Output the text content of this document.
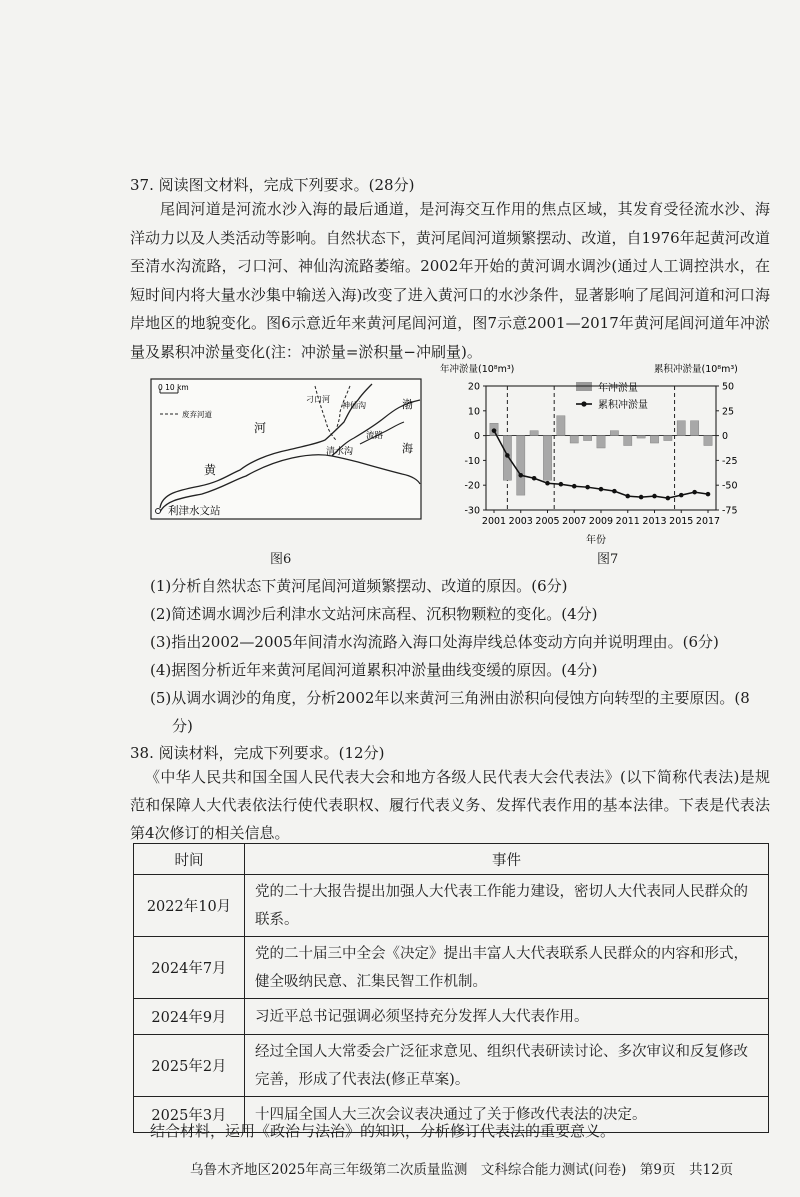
37. 阅读图文材料，完成下列要求。(28分)
尾闾河道是河流水沙入海的最后通道，是河海交互作用的焦点区域，其发育受径流水沙、海洋动力以及人类活动等影响。自然状态下，黄河尾闾河道频繁摆动、改道，自1976年起黄河改道至清水沟流路，刁口河、神仙沟流路萎缩。2002年开始的黄河调水调沙(通过人工调控洪水，在短时间内将大量水沙集中输送入海)改变了进入黄河口的水沙条件，显著影响了尾闾河道和河口海岸地区的地貌变化。图6示意近年来黄河尾闾河道，图7示意2001—2017年黄河尾闾河道年冲淤量及累积冲淤量变化(注：冲淤量=淤积量−冲刷量)。
0 10 km
废弃河道
河
黄
利津水文站
渤
海
刁口河
神仙沟
清水沟
流路
图6
年冲淤量(10⁸m³)	累积冲淤量(10⁸m³)
年份
年冲淤量
累积冲淤量
20
10
0
-10
-20
-30
50
25
0
-25
-50
-75
2001 2003 2005 2007 2009 2011 2013 2015 2017
图7
(1)分析自然状态下黄河尾闾河道频繁摆动、改道的原因。(6分)
(2)简述调水调沙后利津水文站河床高程、沉积物颗粒的变化。(4分)
(3)指出2002—2005年间清水沟流路入海口处海岸线总体变动方向并说明理由。(6分)
(4)据图分析近年来黄河尾闾河道累积冲淤量曲线变缓的原因。(4分)
(5)从调水调沙的角度，分析2002年以来黄河三角洲由淤积向侵蚀方向转型的主要原因。(8分)
38. 阅读材料，完成下列要求。(12分)
《中华人民共和国全国人民代表大会和地方各级人民代表大会代表法》(以下简称代表法)是规范和保障人大代表依法行使代表职权、履行代表义务、发挥代表作用的基本法律。下表是代表法第4次修订的相关信息。
时间	事件
2022年10月	党的二十大报告提出加强人大代表工作能力建设，密切人大代表同人民群众的联系。
2024年7月	党的二十届三中全会《决定》提出丰富人大代表联系人民群众的内容和形式，健全吸纳民意、汇集民智工作机制。
2024年9月	习近平总书记强调必须坚持充分发挥人大代表作用。
2025年2月	经过全国人大常委会广泛征求意见、组织代表研读讨论、多次审议和反复修改完善，形成了代表法(修正草案)。
2025年3月	十四届全国人大三次会议表决通过了关于修改代表法的决定。
结合材料，运用《政治与法治》的知识，分析修订代表法的重要意义。
乌鲁木齐地区2025年高三年级第二次质量监测　文科综合能力测试(问卷)　第9页　共12页
